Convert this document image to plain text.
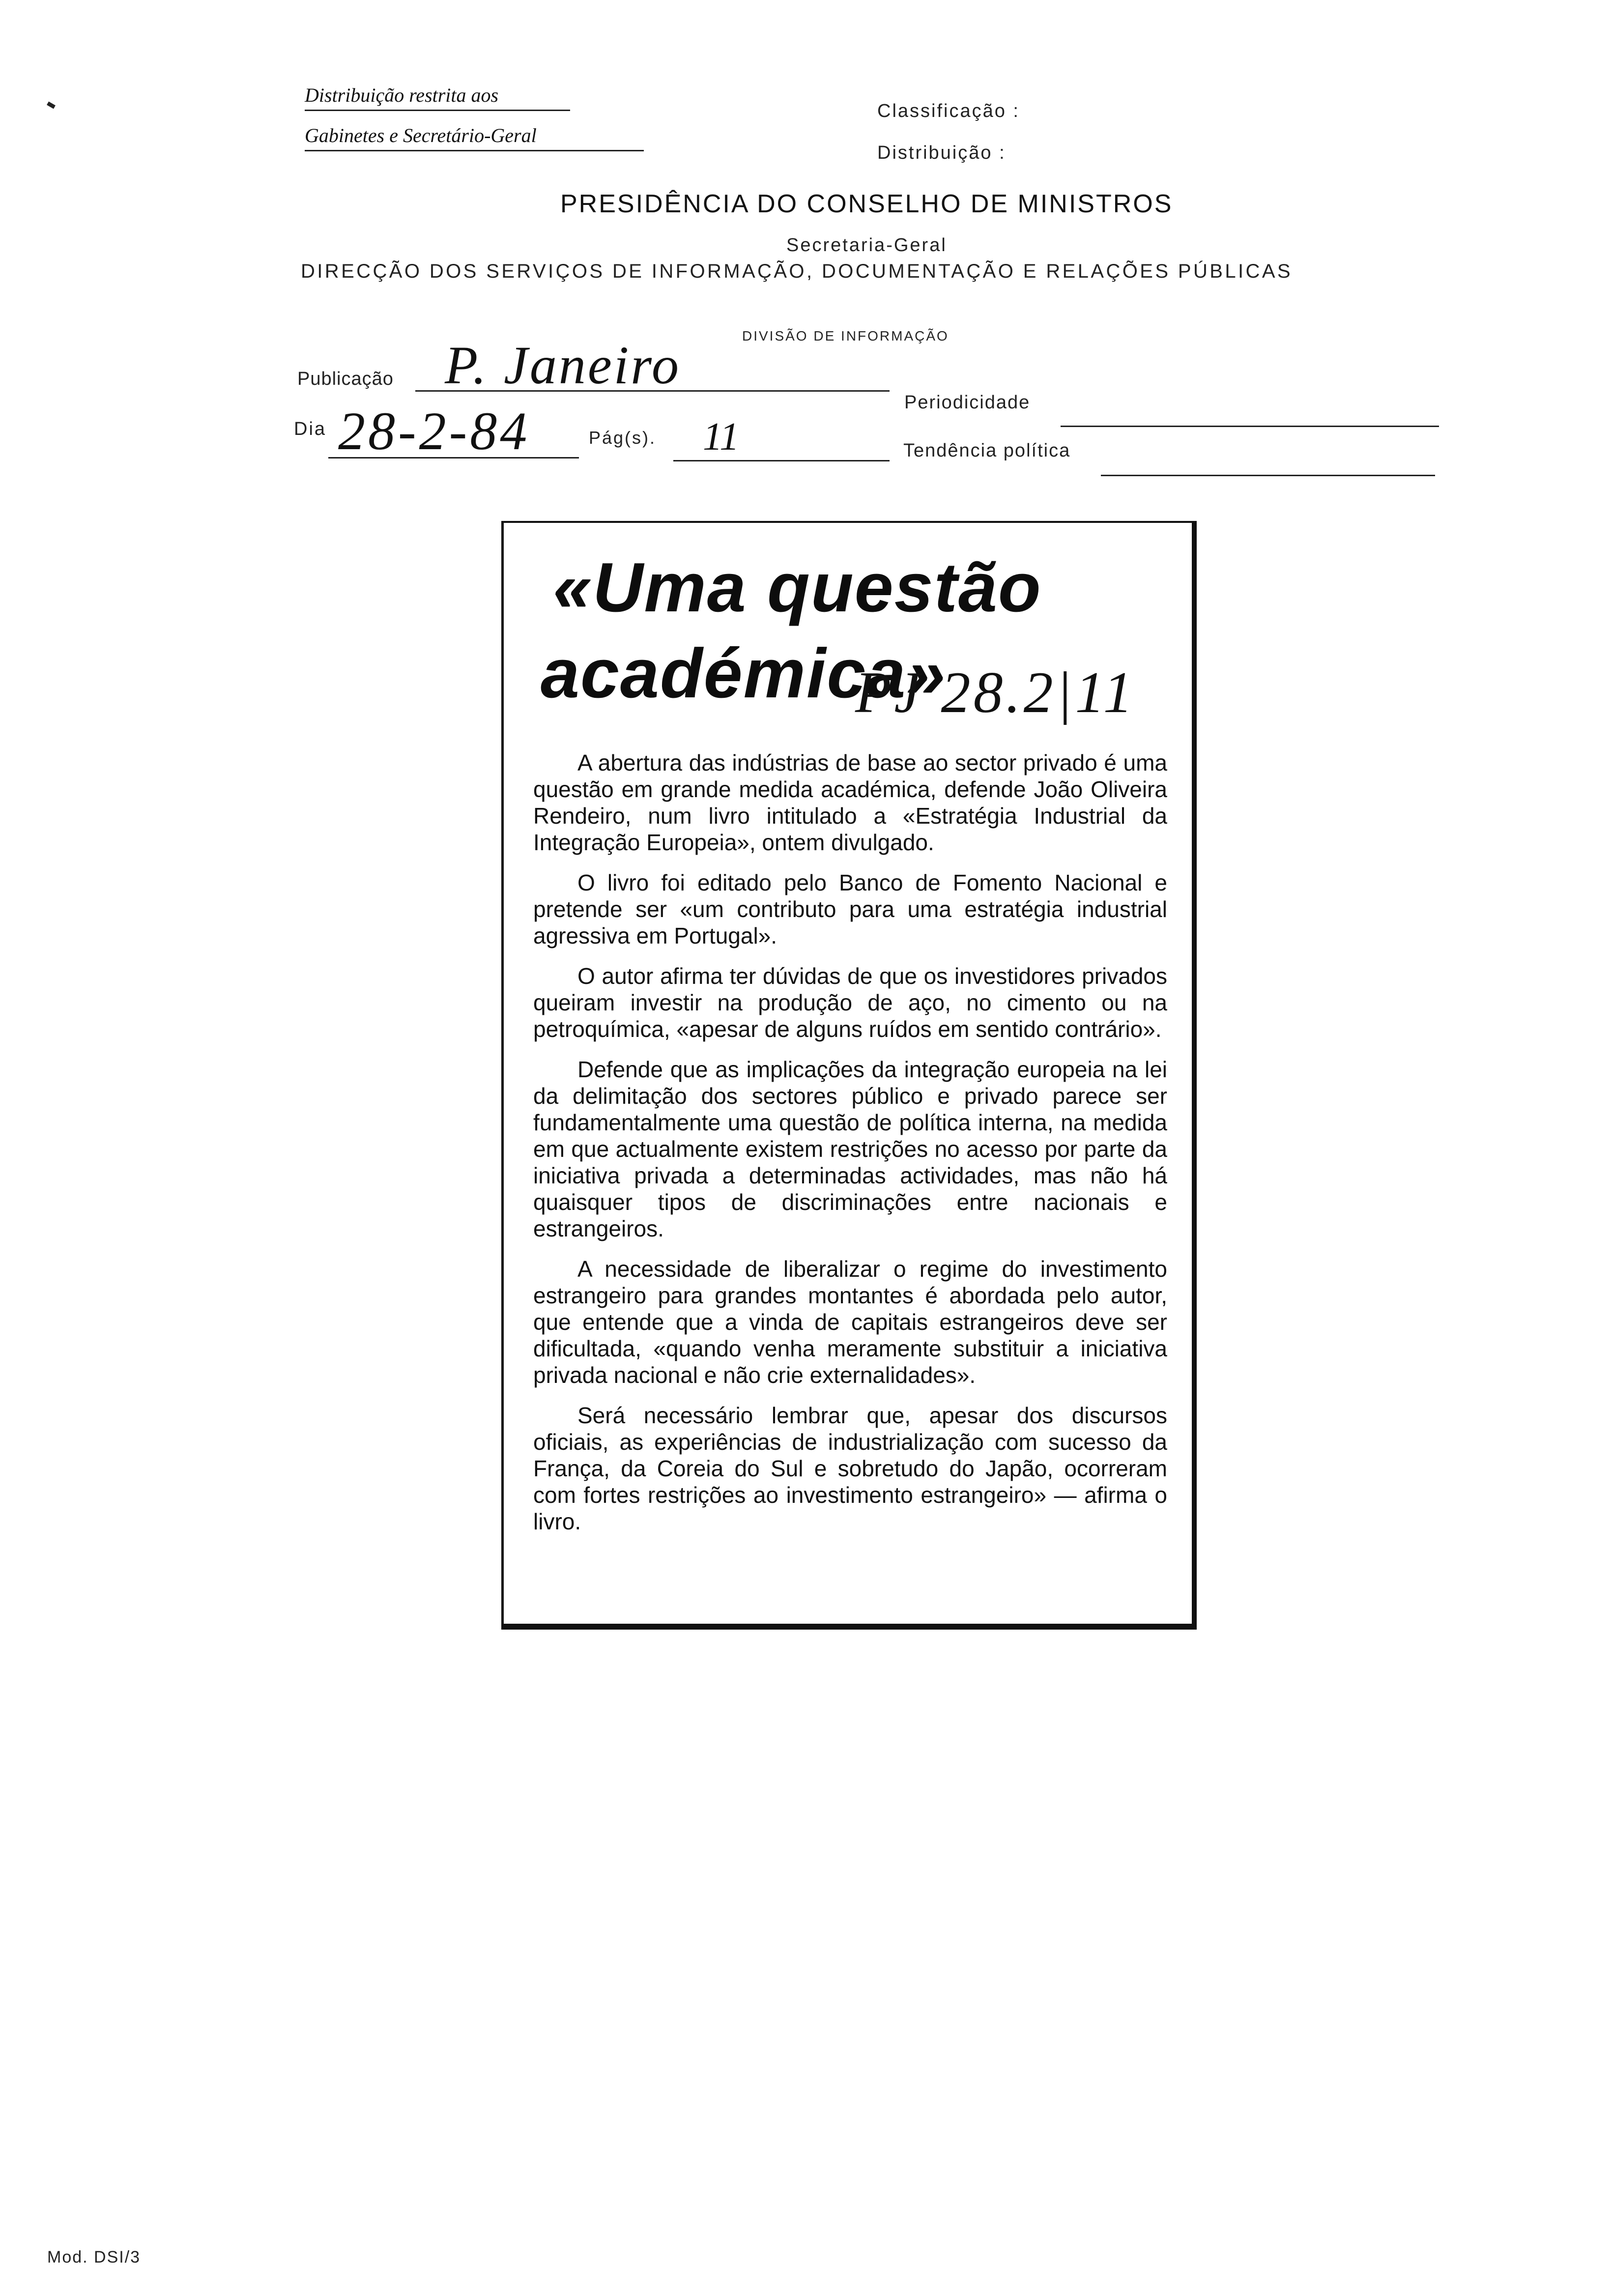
Distribuição restrita aos
Gabinetes e Secretário-Geral
Classificação :
Distribuição :
PRESIDÊNCIA DO CONSELHO DE MINISTROS
Secretaria-Geral
DIRECÇÃO DOS SERVIÇOS DE INFORMAÇÃO, DOCUMENTAÇÃO E RELAÇÕES PÚBLICAS
DIVISÃO DE INFORMAÇÃO
Publicação P. Janeiro
Periodicidade
Dia 28-2-84	Pág(s). 11	Tendência política
«Uma questão
académica»
PJ 28.2|11

A abertura das indústrias de base ao sector privado é uma questão em grande medida académica, defende João Oliveira Rendeiro, num livro intitulado a «Estratégia Industrial da Integração Europeia», ontem divulgado.

O livro foi editado pelo Banco de Fomento Nacional e pretende ser «um contributo para uma estratégia industrial agressiva em Portugal».

O autor afirma ter dúvidas de que os investidores privados queiram investir na produção de aço, no cimento ou na petroquímica, «apesar de alguns ruídos em sentido contrário».

Defende que as implicações da integração europeia na lei da delimitação dos sectores público e privado parece ser fundamentalmente uma questão de política interna, na medida em que actualmente existem restrições no acesso por parte da iniciativa privada a determinadas actividades, mas não há quaisquer tipos de discriminações entre nacionais e estrangeiros.

A necessidade de liberalizar o regime do investimento estrangeiro para grandes montantes é abordada pelo autor, que entende que a vinda de capitais estrangeiros deve ser dificultada, «quando venha meramente substituir a iniciativa privada nacional e não crie externalidades».

Será necessário lembrar que, apesar dos discursos oficiais, as experiências de industrialização com sucesso da França, da Coreia do Sul e sobretudo do Japão, ocorreram com fortes restrições ao investimento estrangeiro» — afirma o livro.

Mod. DSI/3
